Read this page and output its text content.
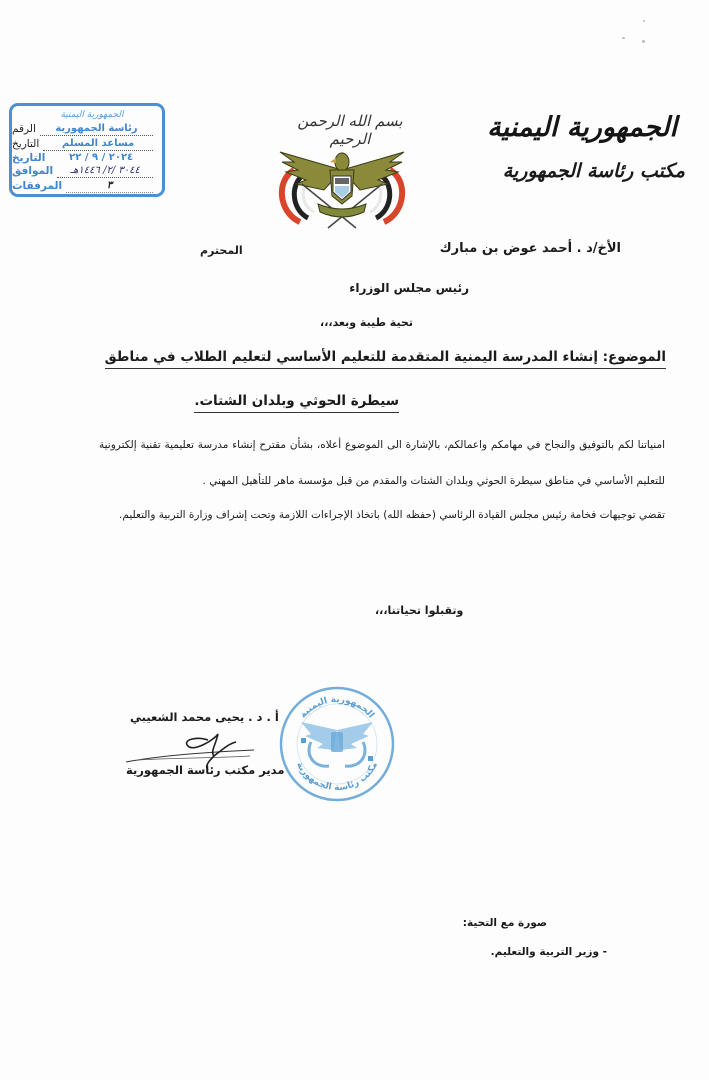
الجمهورية اليمنية
الرقم	رئاسة الجمهورية
التاريخ	مساعد المسلم
التاريخ	٢٠٢٤ / ٩ / ٢٢
الموافق	٣٠٤٤ /٢/ ١٤٤٦هـ
المرفقات	٣
الجمهورية اليمنية
مكتب رئاسة الجمهورية
بسم الله الرحمن الرحيم
الأخ/د . أحمد عوض بن مبارك
المحترم
رئيس مجلس الوزراء
تحية طيبة وبعد،،،
الموضوع: إنشاء المدرسة اليمنية المتقدمة للتعليم الأساسي لتعليم الطلاب في مناطق
سيطرة الحوثي وبلدان الشتات.
امنياتنا لكم بالتوفيق والنجاح في مهامكم واعمالكم، بالإشارة الى الموضوع أعلاه، بشأن مقترح إنشاء مدرسة تعليمية تقنية إلكترونية للتعليم الأساسي في مناطق سيطرة الحوثي وبلدان الشتات والمقدم من قبل مؤسسة ماهر للتأهيل المهني .
تقضي توجيهات فخامة رئيس مجلس القيادة الرئاسي (حفظه الله) باتخاذ الإجراءات اللازمة وتحت إشراف وزارة التربية والتعليم.
وتقبلوا تحياتنا،،،
أ . د . يحيى محمد الشعيبي
مدير مكتب رئاسة الجمهورية
الجمهورية اليمنية
مكتب رئاسة الجمهورية
صورة مع التحية:
- وزير التربية والتعليم.
